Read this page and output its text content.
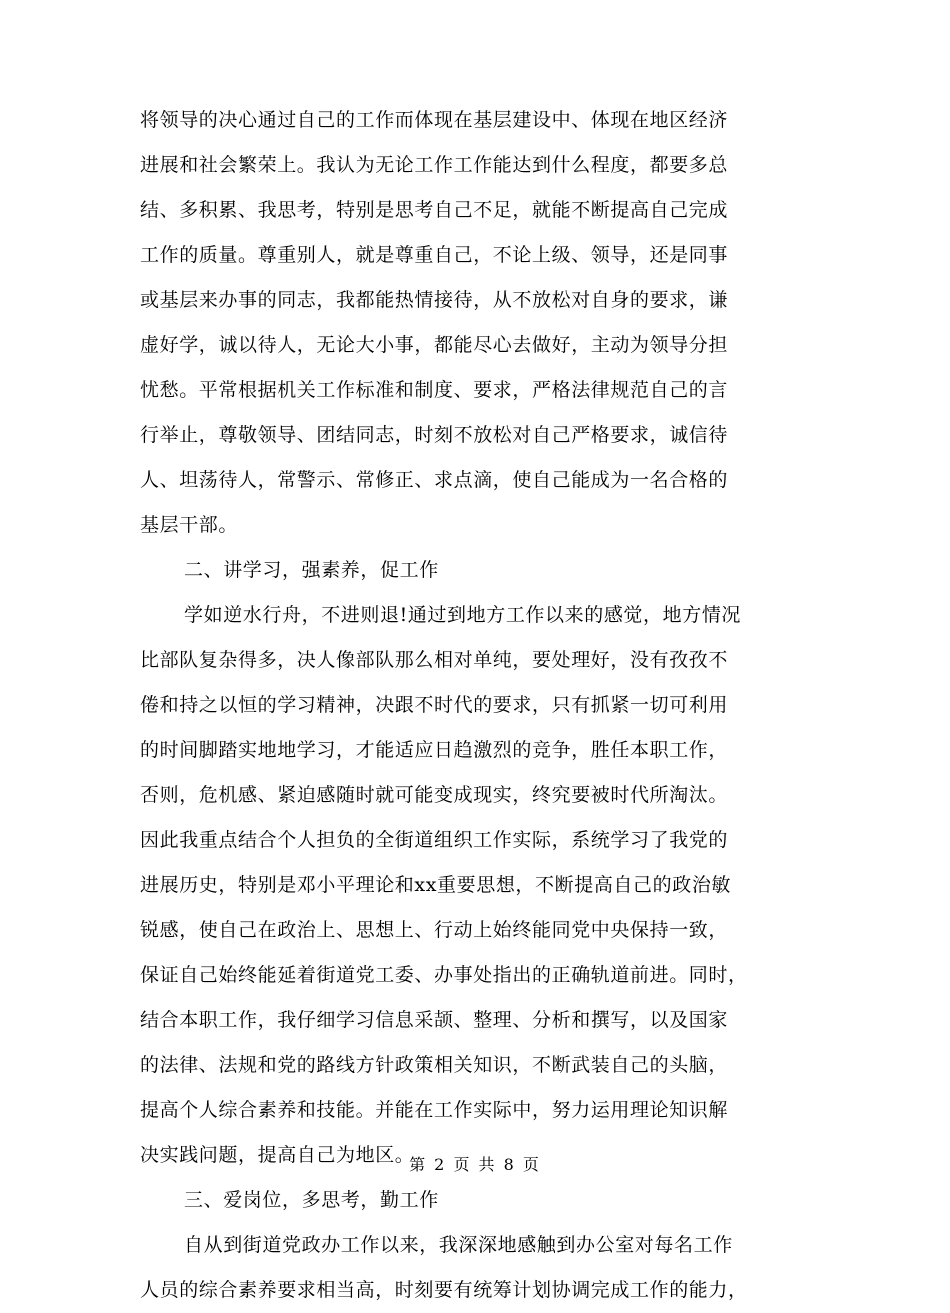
将领导的决心通过自己的工作而体现在基层建设中、体现在地区经济
进展和社会繁荣上。我认为无论工作工作能达到什么程度，都要多总
结、多积累、我思考，特别是思考自己不足，就能不断提高自己完成
工作的质量。尊重别人，就是尊重自己，不论上级、领导，还是同事
或基层来办事的同志，我都能热情接待，从不放松对自身的要求，谦
虚好学，诚以待人，无论大小事，都能尽心去做好，主动为领导分担
忧愁。平常根据机关工作标准和制度、要求，严格法律规范自己的言
行举止，尊敬领导、团结同志，时刻不放松对自己严格要求，诚信待
人、坦荡待人，常警示、常修正、求点滴，使自己能成为一名合格的
基层干部。
二、讲学习，强素养，促工作
学如逆水行舟，不进则退!通过到地方工作以来的感觉，地方情况
比部队复杂得多，决人像部队那么相对单纯，要处理好，没有孜孜不
倦和持之以恒的学习精神，决跟不时代的要求，只有抓紧一切可利用
的时间脚踏实地地学习，才能适应日趋激烈的竞争，胜任本职工作，
否则，危机感、紧迫感随时就可能变成现实，终究要被时代所淘汰。
因此我重点结合个人担负的全街道组织工作实际，系统学习了我党的
进展历史，特别是邓小平理论和xx重要思想，不断提高自己的政治敏
锐感，使自己在政治上、思想上、行动上始终能同党中央保持一致，
保证自己始终能延着街道党工委、办事处指出的正确轨道前进。同时，
结合本职工作，我仔细学习信息采颉、整理、分析和撰写，以及国家
的法律、法规和党的路线方针政策相关知识，不断武装自己的头脑，
提高个人综合素养和技能。并能在工作实际中，努力运用理论知识解
决实践问题，提高自己为地区。
三、爱岗位，多思考，勤工作
自从到街道党政办工作以来，我深深地感触到办公室对每名工作
人员的综合素养要求相当高，时刻要有统筹计划协调完成工作的能力，
第 2 页 共 8 页
